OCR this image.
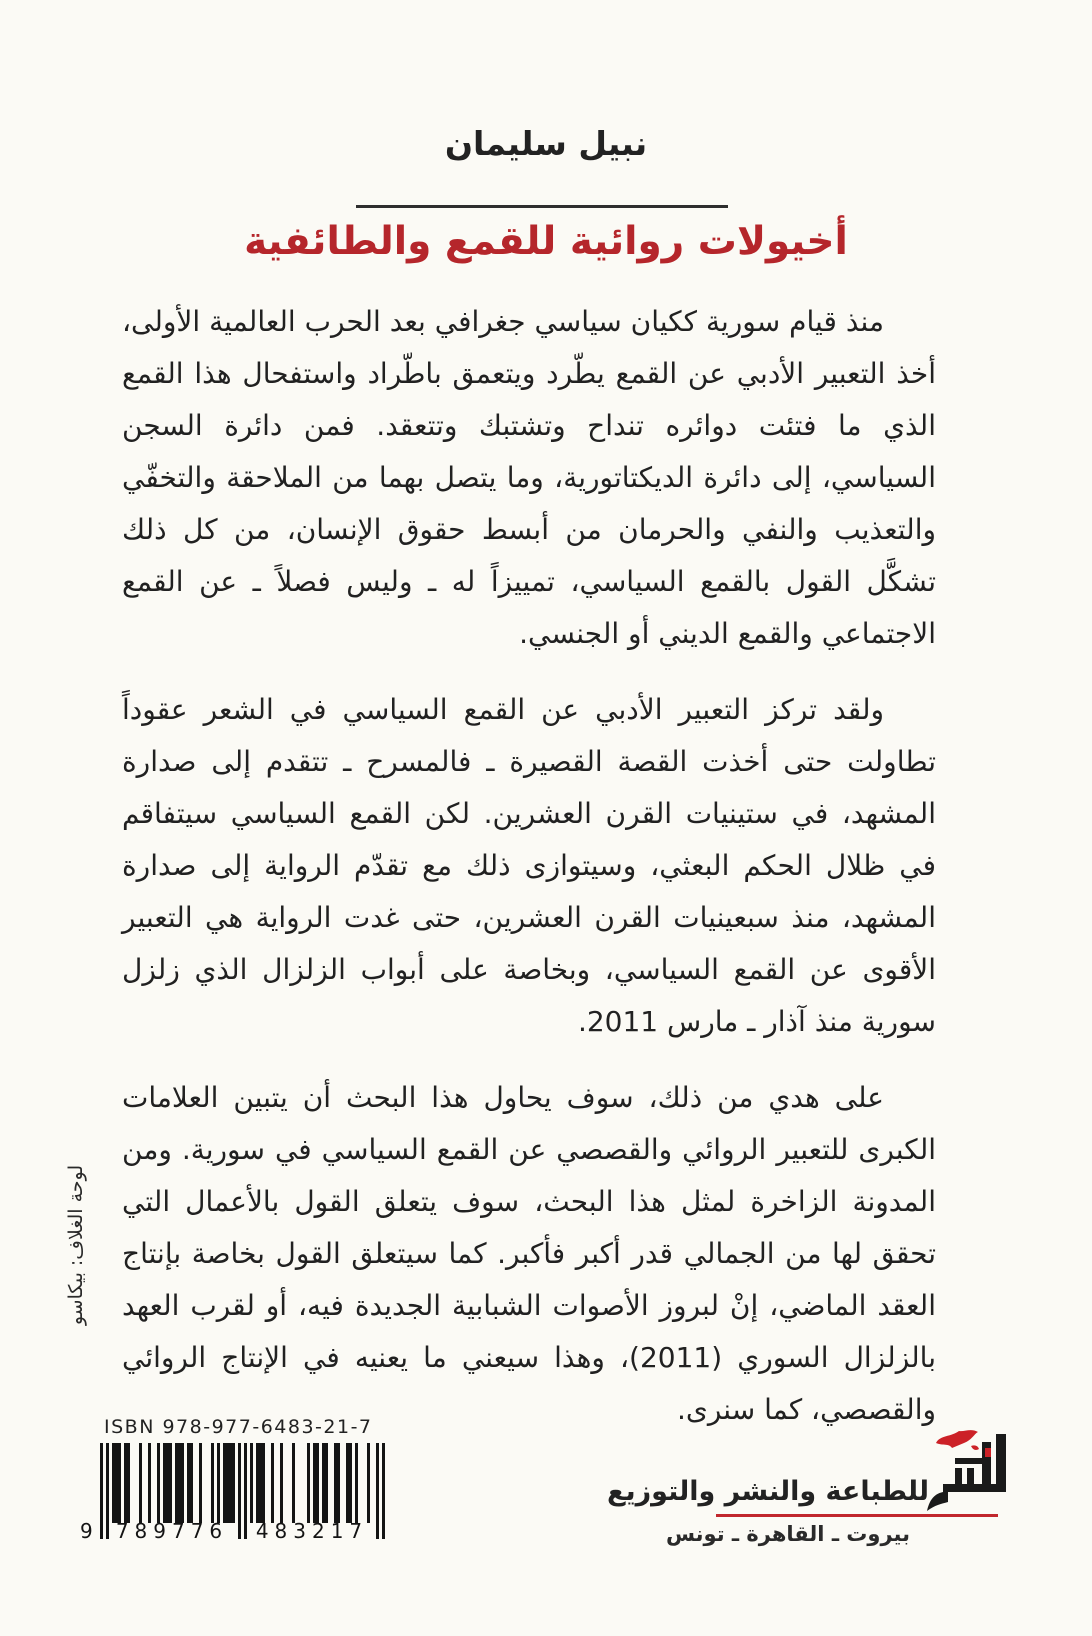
نبيل سليمان
أخيولات روائية للقمع والطائفية

منذ قيام سورية ككيان سياسي جغرافي بعد الحرب العالمية الأولى، أخذ التعبير الأدبي عن القمع يطّرد ويتعمق باطّراد واستفحال هذا القمع الذي ما فتئت دوائره تنداح وتشتبك وتتعقد. فمن دائرة السجن السياسي، إلى دائرة الديكتاتورية، وما يتصل بهما من الملاحقة والتخفّي والتعذيب والنفي والحرمان من أبسط حقوق الإنسان، من كل ذلك تشكَّل القول بالقمع السياسي، تمييزاً له ـ وليس فصلاً ـ عن القمع الاجتماعي والقمع الديني أو الجنسي.

ولقد تركز التعبير الأدبي عن القمع السياسي في الشعر عقوداً تطاولت حتى أخذت القصة القصيرة ـ فالمسرح ـ تتقدم إلى صدارة المشهد، في ستينيات القرن العشرين. لكن القمع السياسي سيتفاقم في ظلال الحكم البعثي، وسيتوازى ذلك مع تقدّم الرواية إلى صدارة المشهد، منذ سبعينيات القرن العشرين، حتى غدت الرواية هي التعبير الأقوى عن القمع السياسي، وبخاصة على أبواب الزلزال الذي زلزل سورية منذ آذار ـ مارس 2011.

على هدي من ذلك، سوف يحاول هذا البحث أن يتبين العلامات الكبرى للتعبير الروائي والقصصي عن القمع السياسي في سورية. ومن المدونة الزاخرة لمثل هذا البحث، سوف يتعلق القول بالأعمال التي تحقق لها من الجمالي قدر أكبر فأكبر. كما سيتعلق القول بخاصة بإنتاج العقد الماضي، إنْ لبروز الأصوات الشبابية الجديدة فيه، أو لقرب العهد بالزلزال السوري (2011)، وهذا سيعني ما يعنيه في الإنتاج الروائي والقصصي، كما سنرى.

لوحة الغلاف: بيكاسو
ISBN 978-977-6483-21-7
9 789776 483217
للطباعة والنشر والتوزيع
بيروت ـ القاهرة ـ تونس
